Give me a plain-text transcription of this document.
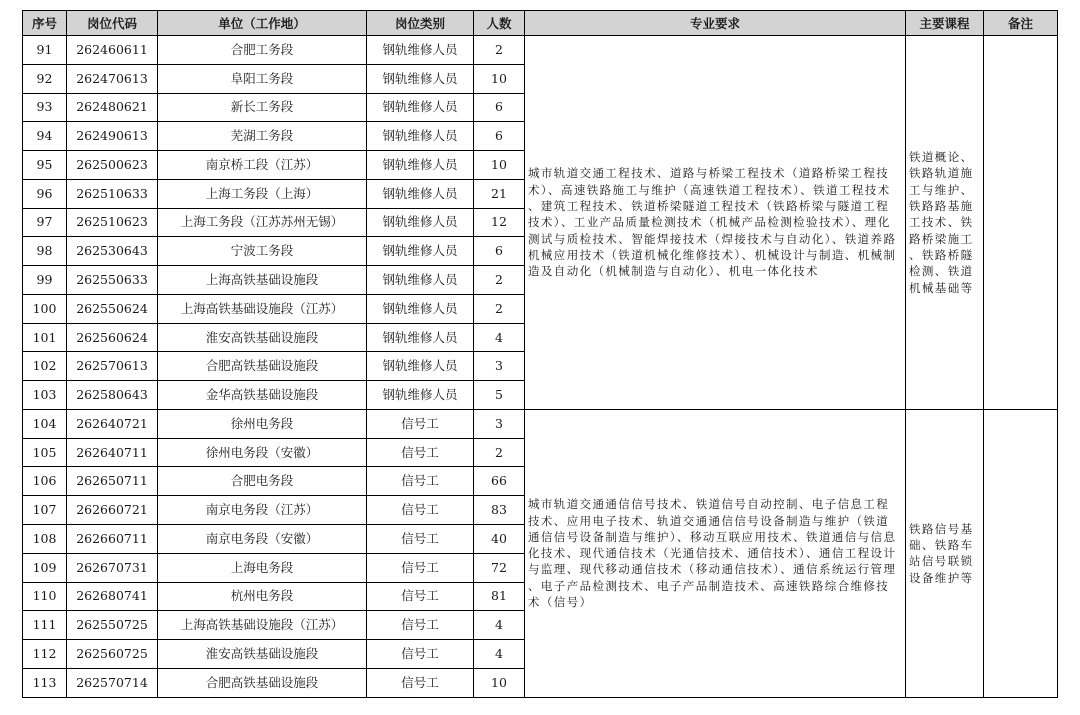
序号	岗位代码	单位（工作地）	岗位类别	人数	专业要求	主要课程	备注
91	262460611	合肥工务段	钢轨维修人员	2	城市轨道交通工程技术、道路与桥梁工程技术（道路桥梁工程技术）、高速铁路施工与维护（高速铁道工程技术）、铁道工程技术、建筑工程技术、铁道桥梁隧道工程技术（铁路桥梁与隧道工程技术）、工业产品质量检测技术（机械产品检测检验技术）、理化测试与质检技术、智能焊接技术（焊接技术与自动化）、铁道养路机械应用技术（铁道机械化维修技术）、机械设计与制造、机械制造及自动化（机械制造与自动化）、机电一体化技术	铁道概论、铁路轨道施工与维护、铁路路基施工技术、铁路桥梁施工、铁路桥隧检测、铁道机械基础等	
92	262470613	阜阳工务段	钢轨维修人员	10			
93	262480621	新长工务段	钢轨维修人员	6			
94	262490613	芜湖工务段	钢轨维修人员	6			
95	262500623	南京桥工段（江苏）	钢轨维修人员	10			
96	262510633	上海工务段（上海）	钢轨维修人员	21			
97	262510623	上海工务段（江苏苏州无锡）	钢轨维修人员	12			
98	262530643	宁波工务段	钢轨维修人员	6			
99	262550633	上海高铁基础设施段	钢轨维修人员	2			
100	262550624	上海高铁基础设施段（江苏）	钢轨维修人员	2			
101	262560624	淮安高铁基础设施段	钢轨维修人员	4			
102	262570613	合肥高铁基础设施段	钢轨维修人员	3			
103	262580643	金华高铁基础设施段	钢轨维修人员	5			
104	262640721	徐州电务段	信号工	3	城市轨道交通通信信号技术、铁道信号自动控制、电子信息工程技术、应用电子技术、轨道交通通信信号设备制造与维护（铁道通信信号设备制造与维护）、移动互联应用技术、铁道通信与信息化技术、现代通信技术（光通信技术、通信技术）、通信工程设计与监理、现代移动通信技术（移动通信技术）、通信系统运行管理、电子产品检测技术、电子产品制造技术、高速铁路综合维修技术（信号）	铁路信号基础、铁路车站信号联锁设备维护等	
105	262640711	徐州电务段（安徽）	信号工	2			
106	262650711	合肥电务段	信号工	66			
107	262660721	南京电务段（江苏）	信号工	83			
108	262660711	南京电务段（安徽）	信号工	40			
109	262670731	上海电务段	信号工	72			
110	262680741	杭州电务段	信号工	81			
111	262550725	上海高铁基础设施段（江苏）	信号工	4			
112	262560725	淮安高铁基础设施段	信号工	4			
113	262570714	合肥高铁基础设施段	信号工	10			
